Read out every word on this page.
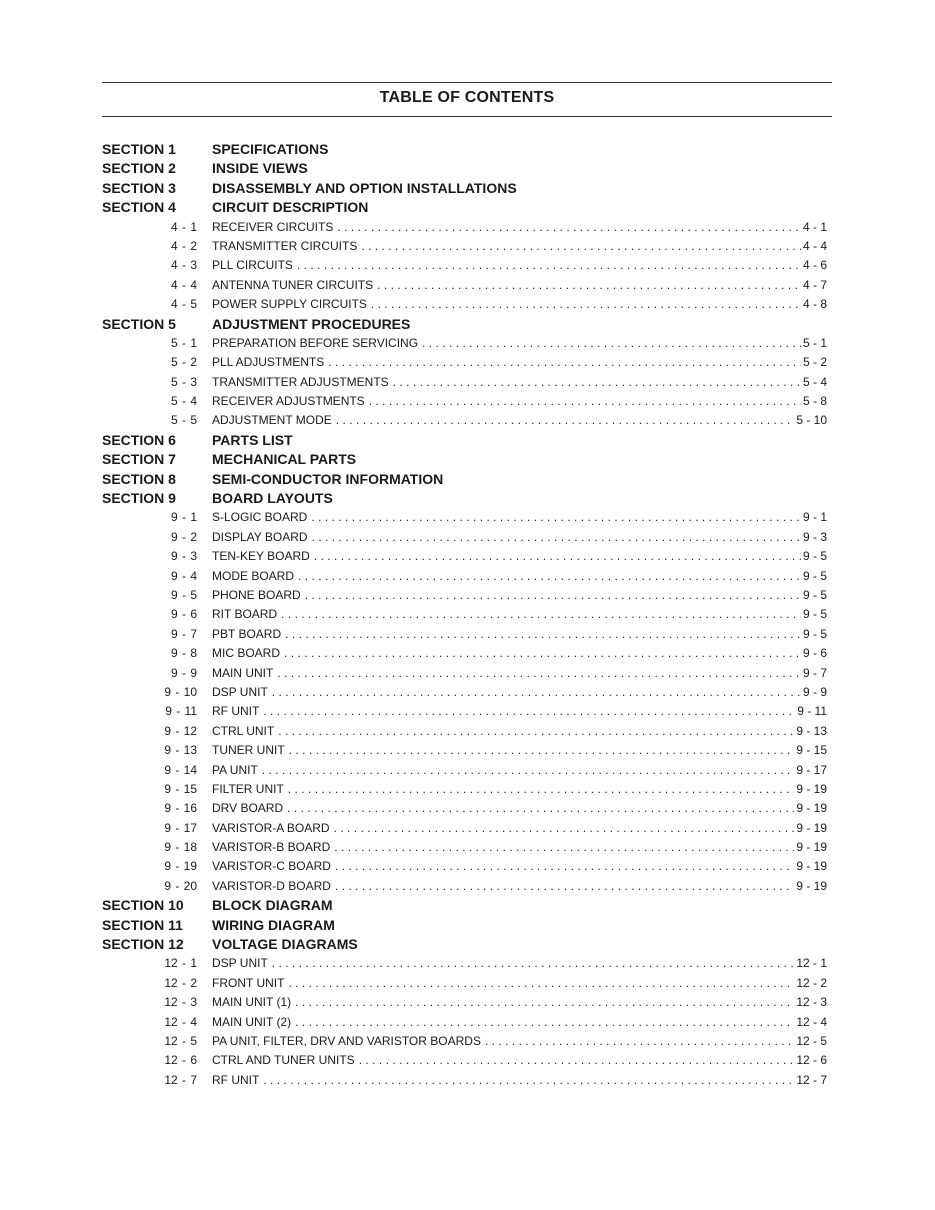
TABLE OF CONTENTS
SECTION 1	SPECIFICATIONS
SECTION 2	INSIDE VIEWS
SECTION 3	DISASSEMBLY AND OPTION INSTALLATIONS
SECTION 4	CIRCUIT DESCRIPTION
4 - 1 RECEIVER CIRCUITS .....	4 - 1
4 - 2 TRANSMITTER CIRCUITS .....	4 - 4
4 - 3 PLL CIRCUITS .....	4 - 6
4 - 4 ANTENNA TUNER CIRCUITS .....	4 - 7
4 - 5 POWER SUPPLY CIRCUITS .....	4 - 8
SECTION 5	ADJUSTMENT PROCEDURES
5 - 1 PREPARATION BEFORE SERVICING .....	5 - 1
5 - 2 PLL ADJUSTMENTS .....	5 - 2
5 - 3 TRANSMITTER ADJUSTMENTS .....	5 - 4
5 - 4 RECEIVER ADJUSTMENTS .....	5 - 8
5 - 5 ADJUSTMENT MODE .....	5 - 10
SECTION 6	PARTS LIST
SECTION 7	MECHANICAL PARTS
SECTION 8	SEMI-CONDUCTOR INFORMATION
SECTION 9	BOARD LAYOUTS
9 - 1 S-LOGIC BOARD .....	9 - 1
9 - 2 DISPLAY BOARD .....	9 - 3
9 - 3 TEN-KEY BOARD .....	9 - 5
9 - 4 MODE BOARD .....	9 - 5
9 - 5 PHONE BOARD .....	9 - 5
9 - 6 RIT BOARD .....	9 - 5
9 - 7 PBT BOARD .....	9 - 5
9 - 8 MIC BOARD .....	9 - 6
9 - 9 MAIN UNIT .....	9 - 7
9 - 10 DSP UNIT .....	9 - 9
9 - 11 RF UNIT .....	9 - 11
9 - 12 CTRL UNIT .....	9 - 13
9 - 13 TUNER UNIT .....	9 - 15
9 - 14 PA UNIT .....	9 - 17
9 - 15 FILTER UNIT .....	9 - 19
9 - 16 DRV BOARD .....	9 - 19
9 - 17 VARISTOR-A BOARD .....	9 - 19
9 - 18 VARISTOR-B BOARD .....	9 - 19
9 - 19 VARISTOR-C BOARD .....	9 - 19
9 - 20 VARISTOR-D BOARD .....	9 - 19
SECTION 10 BLOCK DIAGRAM
SECTION 11 WIRING DIAGRAM
SECTION 12 VOLTAGE DIAGRAMS
12 - 1 DSP UNIT .....	12 - 1
12 - 2 FRONT UNIT .....	12 - 2
12 - 3 MAIN UNIT (1) .....	12 - 3
12 - 4 MAIN UNIT (2) .....	12 - 4
12 - 5 PA UNIT, FILTER, DRV AND VARISTOR BOARDS .....	12 - 5
12 - 6 CTRL AND TUNER UNITS .....	12 - 6
12 - 7 RF UNIT .....	12 - 7
